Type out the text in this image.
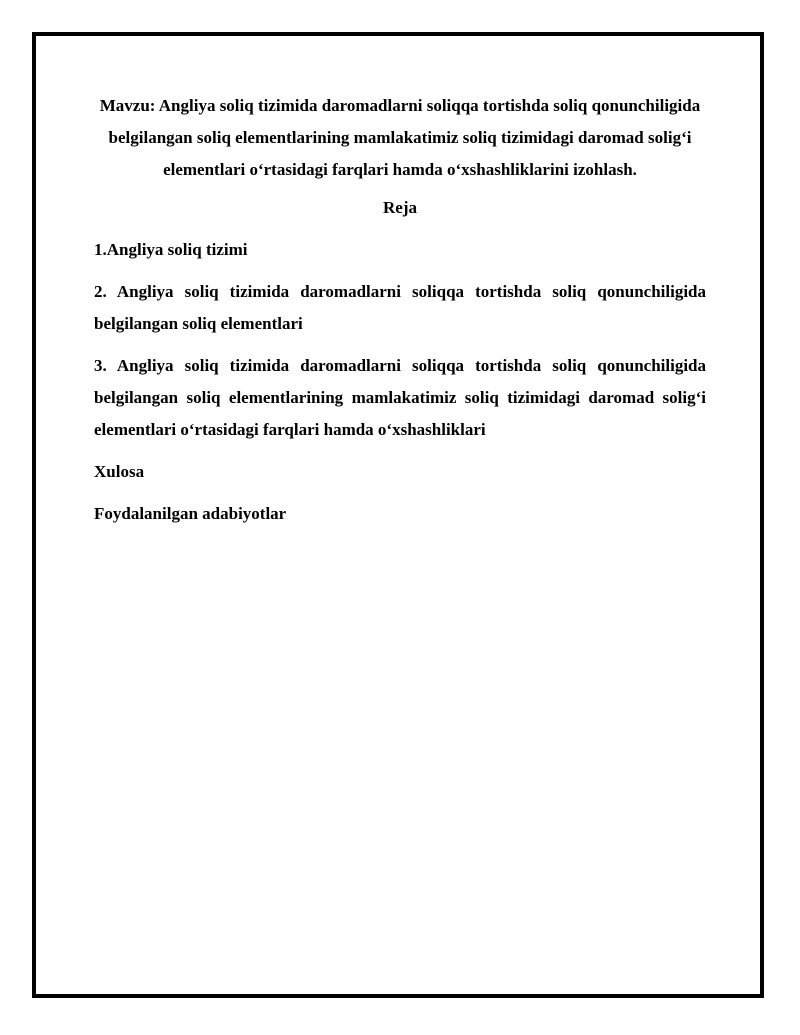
Mavzu: Angliya soliq tizimida daromadlarni soliqqa tortishda soliq qonunchiligida belgilangan soliq elementlarining mamlakatimiz soliq tizimidagi daromad solig‘i elementlari o‘rtasidagi farqlari hamda o‘xshashliklarini izohlash.

Reja

1.Angliya soliq tizimi

2. Angliya soliq tizimida daromadlarni soliqqa tortishda soliq qonunchiligida belgilangan soliq elementlari

3. Angliya soliq tizimida daromadlarni soliqqa tortishda soliq qonunchiligida belgilangan soliq elementlarining mamlakatimiz soliq tizimidagi daromad solig‘i elementlari o‘rtasidagi farqlari hamda o‘xshashliklari

Xulosa

Foydalanilgan adabiyotlar
